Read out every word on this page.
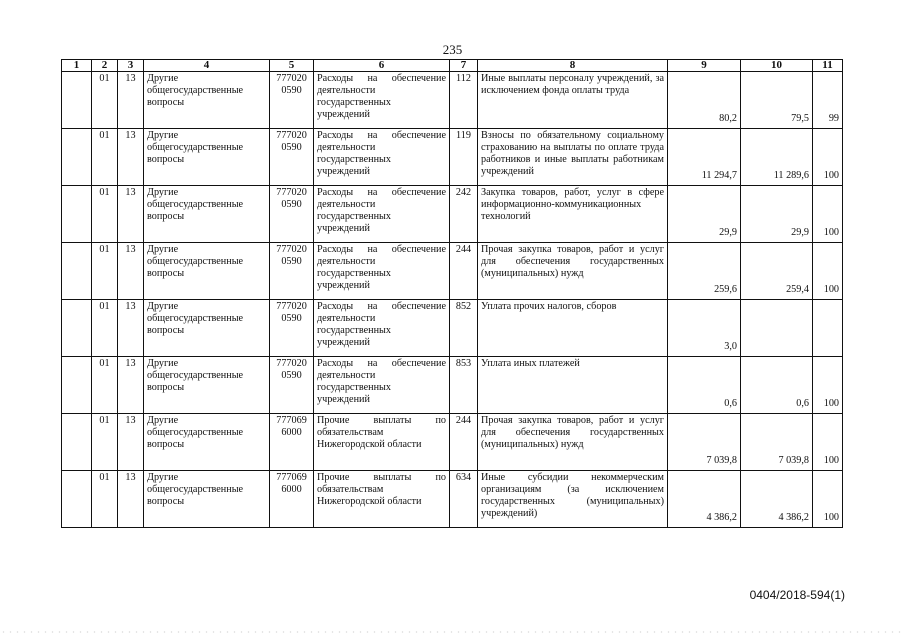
235
1	2	3	4	5	6	7	8	9	10	11
	01	13	Другие общегосударственные вопросы	777020 0590	Расходы на обеспечение деятельности государственных учреждений	112	Иные выплаты персоналу учреждений, за исключением фонда оплаты труда	80,2	79,5	99
	01	13	Другие общегосударственные вопросы	777020 0590	Расходы на обеспечение деятельности государственных учреждений	119	Взносы по обязательному социальному страхованию на выплаты по оплате труда работников и иные выплаты работникам учреждений	11 294,7	11 289,6	100
	01	13	Другие общегосударственные вопросы	777020 0590	Расходы на обеспечение деятельности государственных учреждений	242	Закупка товаров, работ, услуг в сфере информационно-коммуникационных технологий	29,9	29,9	100
	01	13	Другие общегосударственные вопросы	777020 0590	Расходы на обеспечение деятельности государственных учреждений	244	Прочая закупка товаров, работ и услуг для обеспечения государственных (муниципальных) нужд	259,6	259,4	100
	01	13	Другие общегосударственные вопросы	777020 0590	Расходы на обеспечение деятельности государственных учреждений	852	Уплата прочих налогов, сборов	3,0		
	01	13	Другие общегосударственные вопросы	777020 0590	Расходы на обеспечение деятельности государственных учреждений	853	Уплата иных платежей	0,6	0,6	100
	01	13	Другие общегосударственные вопросы	777069 6000	Прочие выплаты по обязательствам Нижегородской области	244	Прочая закупка товаров, работ и услуг для обеспечения государственных (муниципальных) нужд	7 039,8	7 039,8	100
	01	13	Другие общегосударственные вопросы	777069 6000	Прочие выплаты по обязательствам Нижегородской области	634	Иные субсидии некоммерческим организациям (за исключением государственных (муниципальных) учреждений)	4 386,2	4 386,2	100
0404/2018-594(1)
